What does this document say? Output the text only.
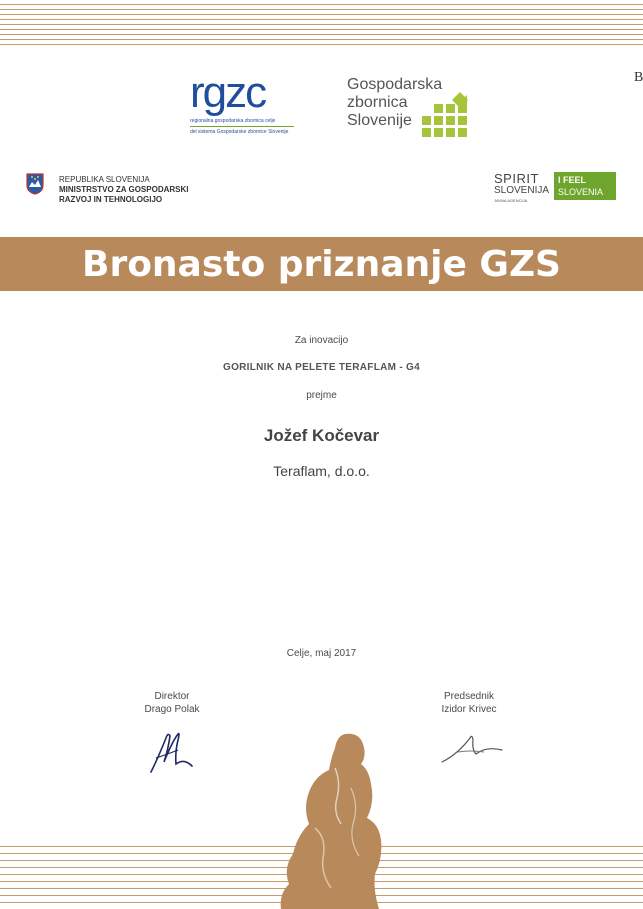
B
rgzc
regionalna gospodarska zbornica celje
del sistema Gospodarske zbornice Slovenije
Gospodarska
zbornica
Slovenije
REPUBLIKA SLOVENIJA
MINISTRSTVO ZA GOSPODARSKI
RAZVOJ IN TEHNOLOGIJO
SPIRIT
SLOVENIJA
JAVNA AGENCIJA
I FEEL
SLOVENIA
Bronasto priznanje GZS
Za inovacijo
GORILNIK NA PELETE TERAFLAM - G4
prejme
Jožef Kočevar
Teraflam, d.o.o.
Celje, maj 2017
Direktor
Drago Polak
Predsednik
Izidor Krivec
